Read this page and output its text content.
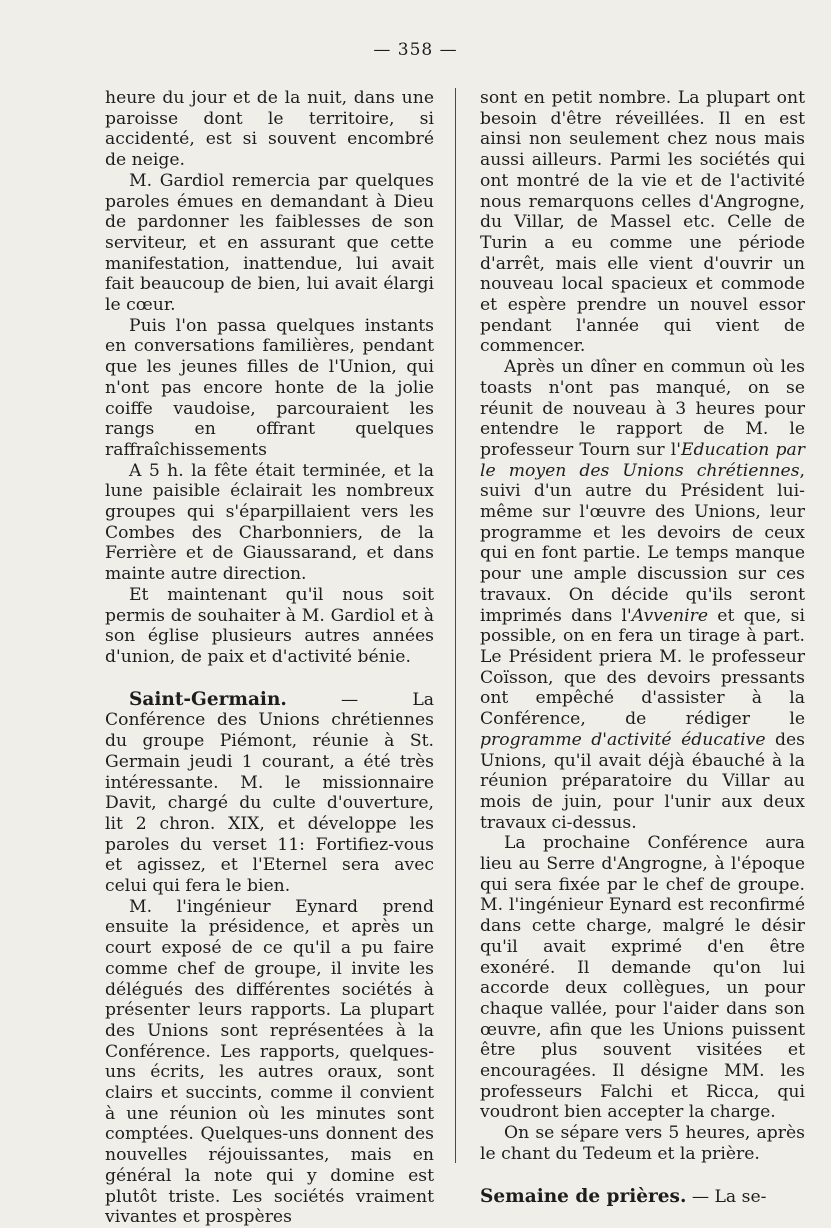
— 358 —

heure du jour et de la nuit, dans une paroisse dont le territoire, si accidenté, est si souvent encombré de neige.

M. Gardiol remercia par quelques paroles émues en demandant à Dieu de pardonner les faiblesses de son serviteur, et en assurant que cette manifestation, inattendue, lui avait fait beaucoup de bien, lui avait élargi le cœur.

Puis l'on passa quelques instants en conversations familières, pendant que les jeunes filles de l'Union, qui n'ont pas encore honte de la jolie coiffe vaudoise, parcouraient les rangs en offrant quelques raffraîchissements

A 5 h. la fête était terminée, et la lune paisible éclairait les nombreux groupes qui s'éparpillaient vers les Combes des Charbonniers, de la Ferrière et de Giaussarand, et dans mainte autre direction.

Et maintenant qu'il nous soit permis de souhaiter à M. Gardiol et à son église plusieurs autres années d'union, de paix et d'activité bénie.

Saint-Germain. — La Conférence des Unions chrétiennes du groupe Piémont, réunie à St. Germain jeudi 1 courant, a été très intéressante. M. le missionnaire Davit, chargé du culte d'ouverture, lit 2 chron. XIX, et développe les paroles du verset 11: Fortifiez-vous et agissez, et l'Eternel sera avec celui qui fera le bien.

M. l'ingénieur Eynard prend ensuite la présidence, et après un court exposé de ce qu'il a pu faire comme chef de groupe, il invite les délégués des différentes sociétés à présenter leurs rapports. La plupart des Unions sont représentées à la Conférence. Les rapports, quelques-uns écrits, les autres oraux, sont clairs et succints, comme il convient à une réunion où les minutes sont comptées. Quelques-uns donnent des nouvelles réjouissantes, mais en général la note qui y domine est plutôt triste. Les sociétés vraiment vivantes et prospères

sont en petit nombre. La plupart ont besoin d'être réveillées. Il en est ainsi non seulement chez nous mais aussi ailleurs. Parmi les sociétés qui ont montré de la vie et de l'activité nous remarquons celles d'Angrogne, du Villar, de Massel etc. Celle de Turin a eu comme une période d'arrêt, mais elle vient d'ouvrir un nouveau local spacieux et commode et espère prendre un nouvel essor pendant l'année qui vient de commencer.

Après un dîner en commun où les toasts n'ont pas manqué, on se réunit de nouveau à 3 heures pour entendre le rapport de M. le professeur Tourn sur l'Education par le moyen des Unions chrétiennes, suivi d'un autre du Président lui-même sur l'œuvre des Unions, leur programme et les devoirs de ceux qui en font partie. Le temps manque pour une ample discussion sur ces travaux. On décide qu'ils seront imprimés dans l'Avvenire et que, si possible, on en fera un tirage à part. Le Président priera M. le professeur Coïsson, que des devoirs pressants ont empêché d'assister à la Conférence, de rédiger le programme d'activité éducative des Unions, qu'il avait déjà ébauché à la réunion préparatoire du Villar au mois de juin, pour l'unir aux deux travaux ci-dessus.

La prochaine Conférence aura lieu au Serre d'Angrogne, à l'époque qui sera fixée par le chef de groupe. M. l'ingénieur Eynard est reconfirmé dans cette charge, malgré le désir qu'il avait exprimé d'en être exonéré. Il demande qu'on lui accorde deux collègues, un pour chaque vallée, pour l'aider dans son œuvre, afin que les Unions puissent être plus souvent visitées et encouragées. Il désigne MM. les professeurs Falchi et Ricca, qui voudront bien accepter la charge.

On se sépare vers 5 heures, après le chant du Tedeum et la prière.

Semaine de prières. — La se-
